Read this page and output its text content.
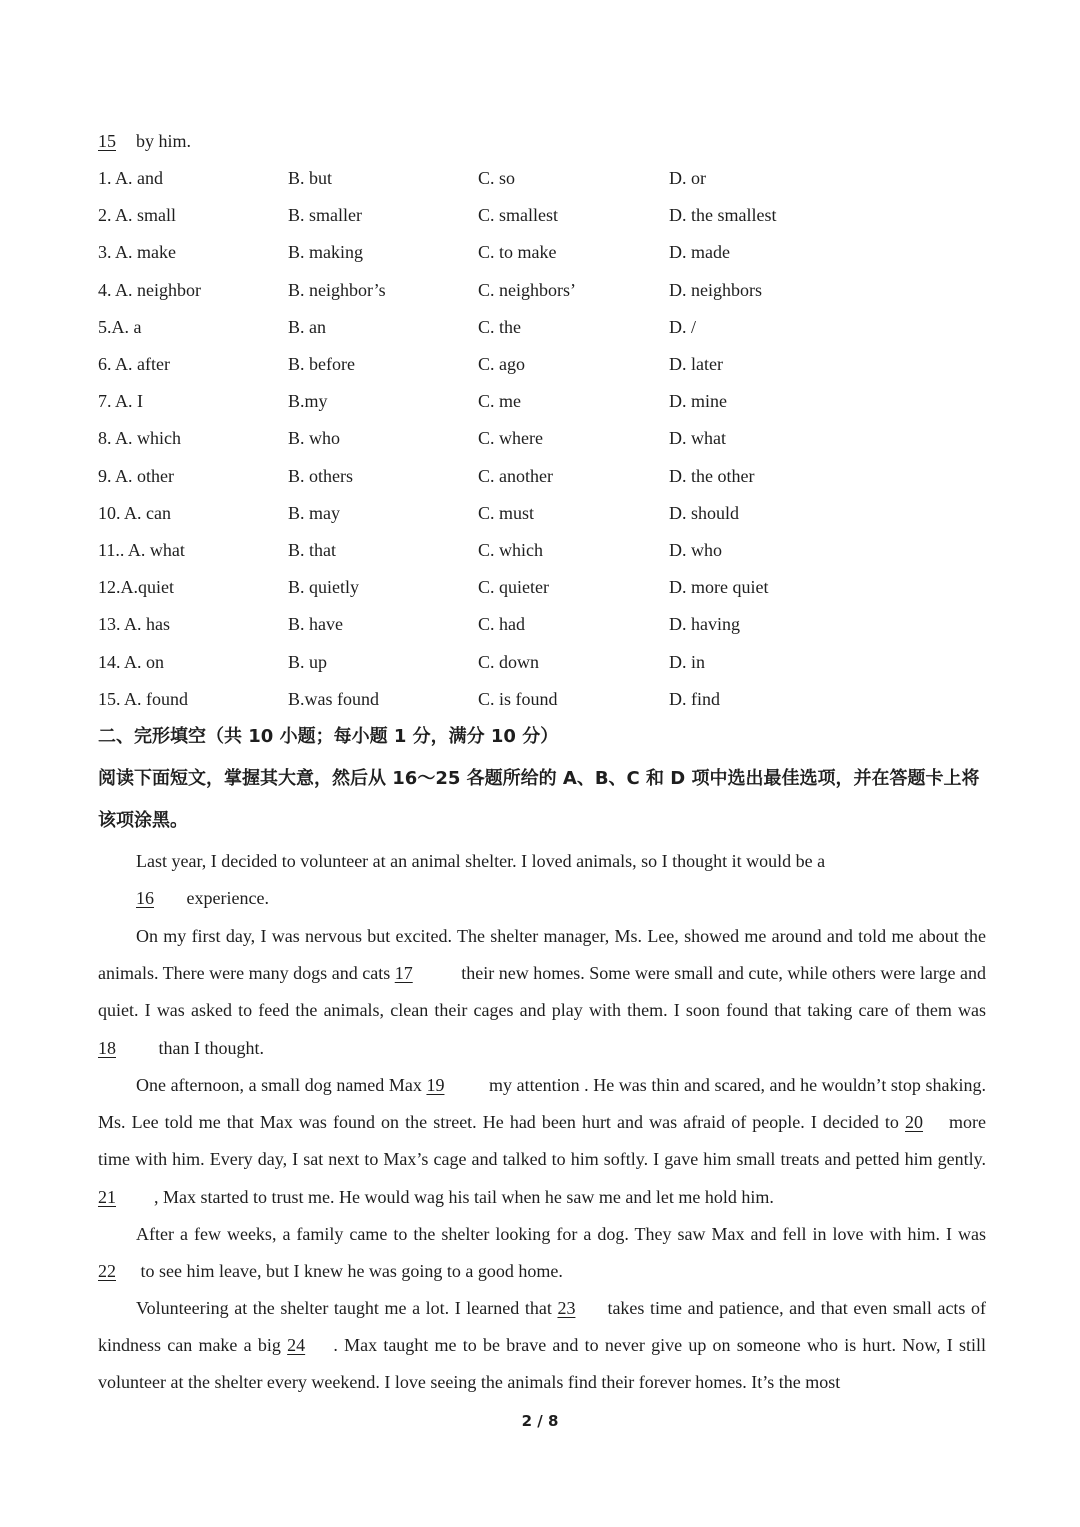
15 by him.
1. A. and	B. but	C. so	D. or
2. A. small	B. smaller	C. smallest	D. the smallest
3. A. make	B. making	C. to make	D. made
4. A. neighbor	B. neighbor’s	C. neighbors’	D. neighbors
5.A. a	B. an	C. the	D. /
6. A. after	B. before	C. ago	D. later
7. A. I	B.my	C. me	D. mine
8. A. which	B. who	C. where	D. what
9. A. other	B. others	C. another	D. the other
10. A. can	B. may	C. must	D. should
11.. A. what	B. that	C. which	D. who
12.A.quiet	B. quietly	C. quieter	D. more quiet
13. A. has	B. have	C. had	D. having
14. A. on	B. up	C. down	D. in
15. A. found	B.was found	C. is found	D. find
二、完形填空（共 10 小题；每小题 1 分，满分 10 分）
阅读下面短文，掌握其大意，然后从 16～25 各题所给的 A、B、C 和 D 项中选出最佳选项，并在答题卡上将该项涂黑。
Last year, I decided to volunteer at an animal shelter. I loved animals, so I thought it would be a
16 experience.
On my first day, I was nervous but excited. The shelter manager, Ms. Lee, showed me around and told me about the animals. There were many dogs and cats 17	their new homes. Some were small and cute, while others were large and quiet. I was asked to feed the animals, clean their cages and play with them. I soon found that taking care of them was 18 than I thought.
One afternoon, a small dog named Max 19 my attention . He was thin and scared, and he wouldn’t stop shaking. Ms. Lee told me that Max was found on the street. He had been hurt and was afraid of people. I decided to 20 more time with him. Every day, I sat next to Max’s cage and talked to him softly. I gave him small treats and petted him gently. 21 , Max started to trust me. He would wag his tail when he saw me and let me hold him.
After a few weeks, a family came to the shelter looking for a dog. They saw Max and fell in love with him. I was 22 to see him leave, but I knew he was going to a good home.
Volunteering at the shelter taught me a lot. I learned that 23 takes time and patience, and that even small acts of kindness can make a big 24 . Max taught me to be brave and to never give up on someone who is hurt. Now, I still volunteer at the shelter every weekend. I love seeing the animals find their forever homes. It’s the most
2 / 8
